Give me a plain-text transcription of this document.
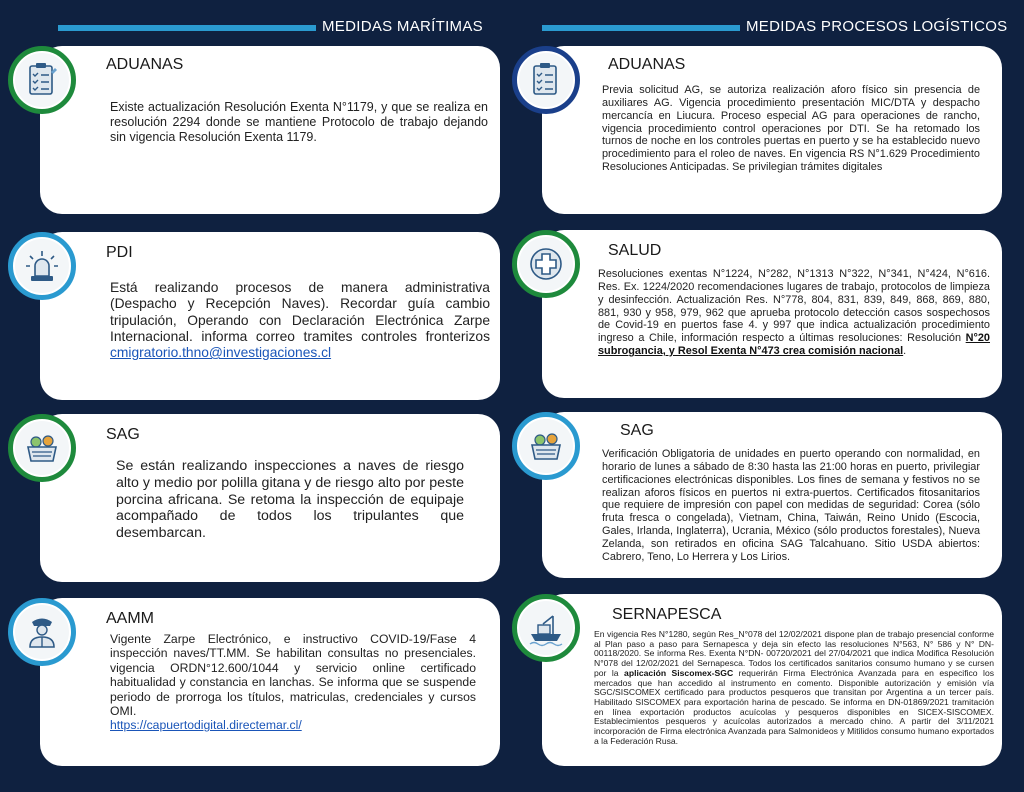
MEDIDAS MARÍTIMAS	MEDIDAS PROCESOS LOGÍSTICOS
ADUANAS
Existe actualización Resolución Exenta N°1179, y que se realiza en resolución 2294 donde se mantiene Protocolo de trabajo dejando sin vigencia Resolución Exenta 1179.
PDI
Está realizando procesos de manera administrativa (Despacho y Recepción Naves). Recordar guía cambio tripulación, Operando con Declaración Electrónica Zarpe Internacional. informa correo tramites controles fronterizos cmigratorio.thno@investigaciones.cl
SAG
Se están realizando inspecciones a naves de riesgo alto y medio por polilla gitana y de riesgo alto por peste porcina africana. Se retoma la inspección de equipaje acompañado de todos los tripulantes que desembarcan.
AAMM
Vigente Zarpe Electrónico, e instructivo COVID-19/Fase 4 inspección naves/TT.MM. Se habilitan consultas no presenciales. vigencia ORDN°12.600/1044 y servicio online certificado habitualidad y constancia en lanchas. Se informa que se suspende periodo de prorroga los títulos, matriculas, credenciales y cursos OMI.
https://capuertodigital.directemar.cl/
ADUANAS
Previa solicitud AG, se autoriza realización aforo físico sin presencia de auxiliares AG. Vigencia procedimiento presentación MIC/DTA y despacho mercancía en Liucura. Proceso especial AG para operaciones de rancho, vigencia procedimiento control operaciones por DTI. Se ha retomado los turnos de noche en los controles puertas en puerto y se ha establecido nuevo procedimiento para el roleo de naves. En vigencia RS N°1.629 Procedimiento Resoluciones Anticipadas. Se privilegian trámites digitales
SALUD
Resoluciones exentas N°1224, N°282, N°1313 N°322, N°341, N°424, N°616. Res. Ex. 1224/2020 recomendaciones lugares de trabajo, protocolos de limpieza y desinfección. Actualización Res. N°778, 804, 831, 839, 849, 868, 869, 880, 881, 930 y 958, 979, 962 que aprueba protocolo detección casos sospechosos de Covid-19 en puertos fase 4. y 997 que indica actualización procedimiento ingreso a Chile, información respecto a últimas resoluciones: Resolución N°20 subrogancia, y Resol Exenta N°473 crea comisión nacional.
SAG
Verificación Obligatoria de unidades en puerto operando con normalidad, en horario de lunes a sábado de 8:30 hasta las 21:00 horas en puerto, privilegiar certificaciones electrónicas disponibles. Los fines de semana y festivos no se realizan aforos físicos en puertos ni extra-puertos. Certificados fitosanitarios que requiere de impresión con papel con medidas de seguridad: Corea (sólo fruta fresca o congelada), Vietnam, China, Taiwán, Reino Unido (Escocia, Gales, Irlanda, Inglaterra), Ucrania, México (sólo productos forestales), Nueva Zelanda, son retirados en oficina SAG Talcahuano. Sitio USDA abiertos: Cabrero, Teno, Lo Herrera y Los Lirios.
SERNAPESCA
En vigencia Res N°1280, según Res_N°078 del 12/02/2021 dispone plan de trabajo presencial conforme al Plan paso a paso para Sernapesca y deja sin efecto las resoluciones N°563, N° 586 y N° DN- 00118/2020. Se informa Res. Exenta N°DN- 00720/2021 del 27/04/2021 que indica Modifica Resolución N°078 del 12/02/2021 del Sernapesca. Todos los certificados sanitarios consumo humano y se cursen por la aplicación Siscomex-SGC requerirán Firma Electrónica Avanzada para en especifico los mercados que han accedido al instrumento en comento. Disponible autorización y emisión vía SGC/SISCOMEX certificado para productos pesqueros que transitan por Argentina a un tercer país. Habilitado SISCOMEX para exportación harina de pescado. Se informa en DN-01869/2021 tramitación en línea exportación productos acuícolas y pesqueros disponibles en SICEX-SISCOMEX. Establecimientos pesqueros y acuícolas autorizados a mercado chino. A partir del 3/11/2021 incorporación de Firma electrónica Avanzada para Salmonideos y Mitilidos consumo humano exportados a la Federación Rusa.
